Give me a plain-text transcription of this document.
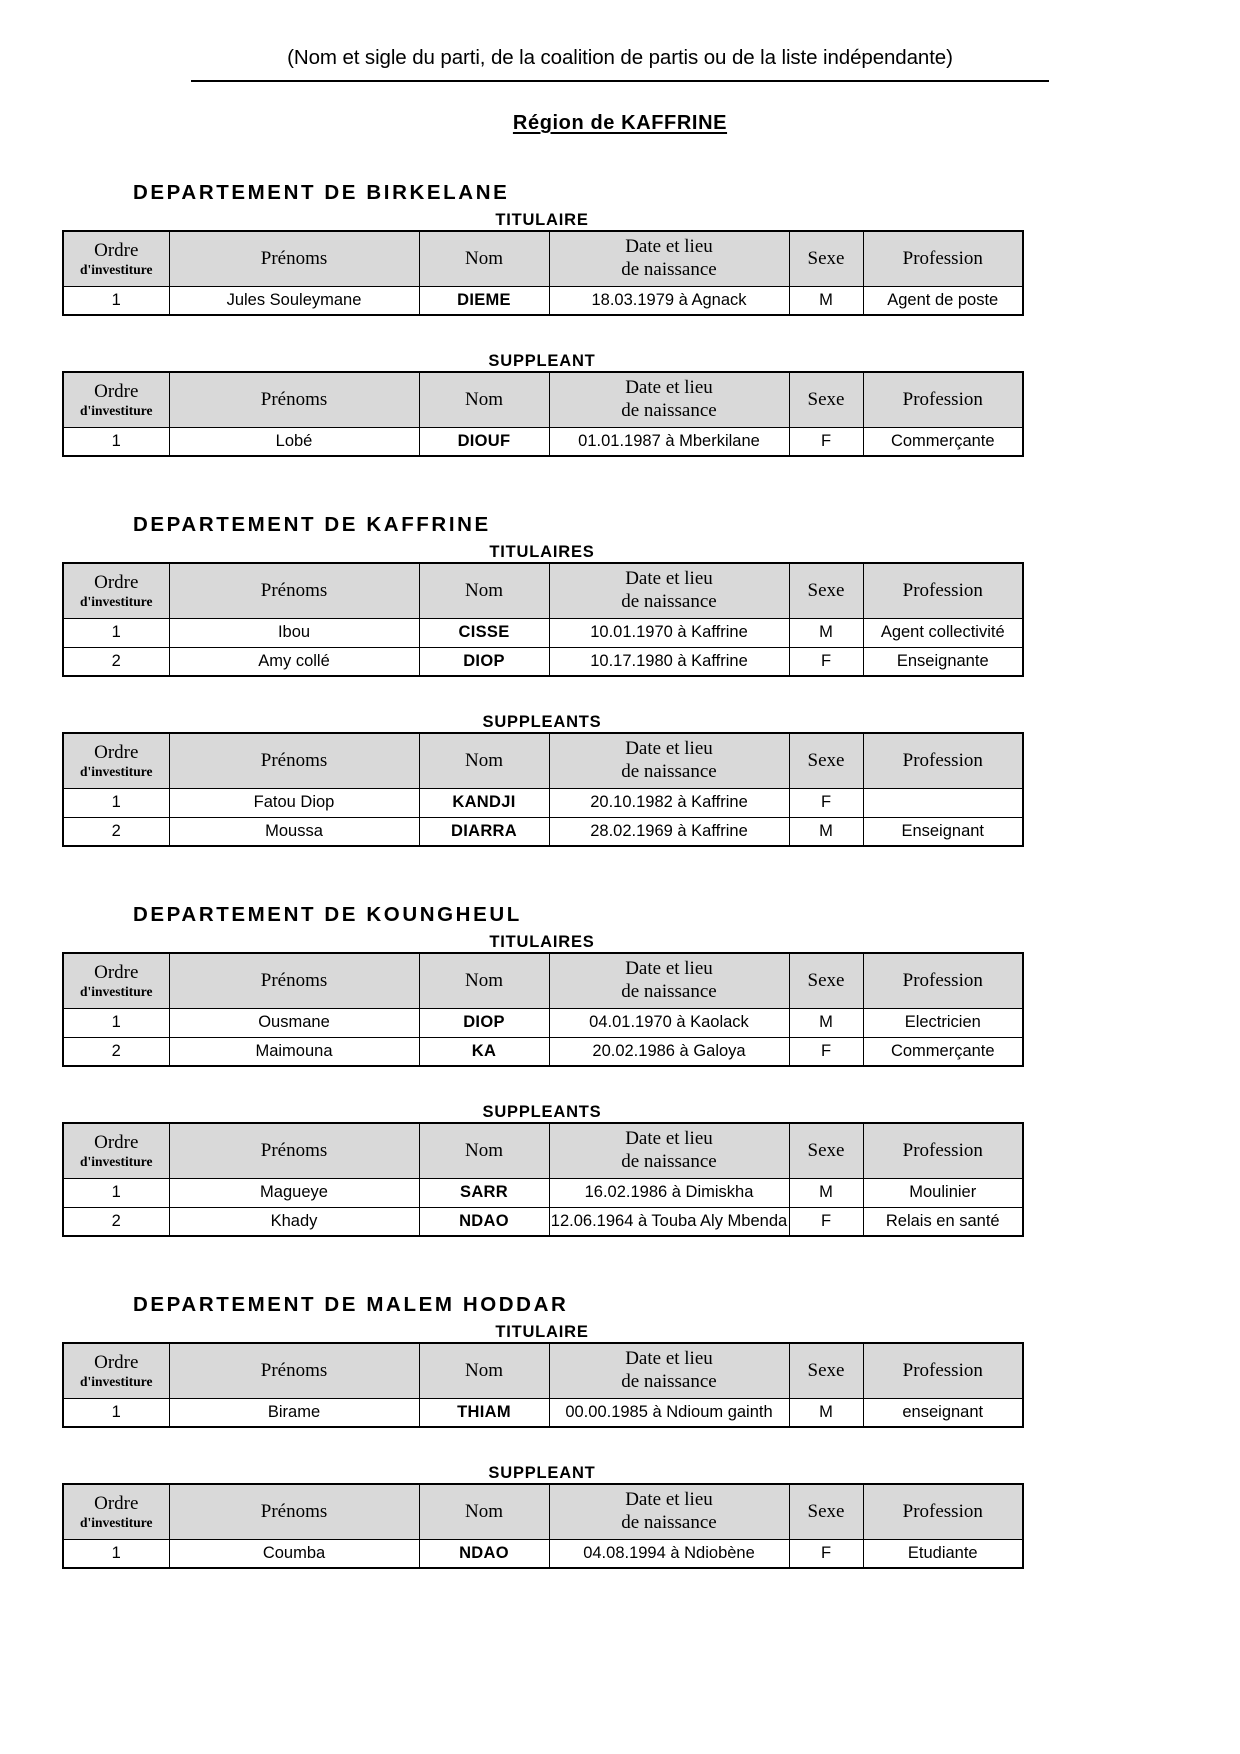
(Nom et sigle du parti, de la coalition de partis ou de la liste indépendante)
Région de KAFFRINE
DEPARTEMENT DE BIRKELANE
TITULAIRE
Ordre
d'investiture	Prénoms	Nom	Date et lieu
de naissance	Sexe	Profession
1	Jules Souleymane	DIEME	18.03.1979 à Agnack	M	Agent de poste
SUPPLEANT
Ordre
d'investiture	Prénoms	Nom	Date et lieu
de naissance	Sexe	Profession
1	Lobé	DIOUF	01.01.1987 à Mberkilane	F	Commerçante
DEPARTEMENT DE KAFFRINE
TITULAIRES
Ordre
d'investiture	Prénoms	Nom	Date et lieu
de naissance	Sexe	Profession
1	Ibou	CISSE	10.01.1970 à Kaffrine	M	Agent collectivité
2	Amy collé	DIOP	10.17.1980 à Kaffrine	F	Enseignante
SUPPLEANTS
Ordre
d'investiture	Prénoms	Nom	Date et lieu
de naissance	Sexe	Profession
1	Fatou Diop	KANDJI	20.10.1982 à Kaffrine	F	
2	Moussa	DIARRA	28.02.1969 à Kaffrine	M	Enseignant
DEPARTEMENT DE KOUNGHEUL
TITULAIRES
Ordre
d'investiture	Prénoms	Nom	Date et lieu
de naissance	Sexe	Profession
1	Ousmane	DIOP	04.01.1970 à Kaolack	M	Electricien
2	Maimouna	KA	20.02.1986 à Galoya	F	Commerçante
SUPPLEANTS
Ordre
d'investiture	Prénoms	Nom	Date et lieu
de naissance	Sexe	Profession
1	Magueye	SARR	16.02.1986 à Dimiskha	M	Moulinier
2	Khady	NDAO	12.06.1964 à Touba Aly Mbenda	F	Relais en santé
DEPARTEMENT DE MALEM HODDAR
TITULAIRE
Ordre
d'investiture	Prénoms	Nom	Date et lieu
de naissance	Sexe	Profession
1	Birame	THIAM	00.00.1985 à Ndioum gainth	M	enseignant
SUPPLEANT
Ordre
d'investiture	Prénoms	Nom	Date et lieu
de naissance	Sexe	Profession
1	Coumba	NDAO	04.08.1994 à Ndiobène	F	Etudiante
